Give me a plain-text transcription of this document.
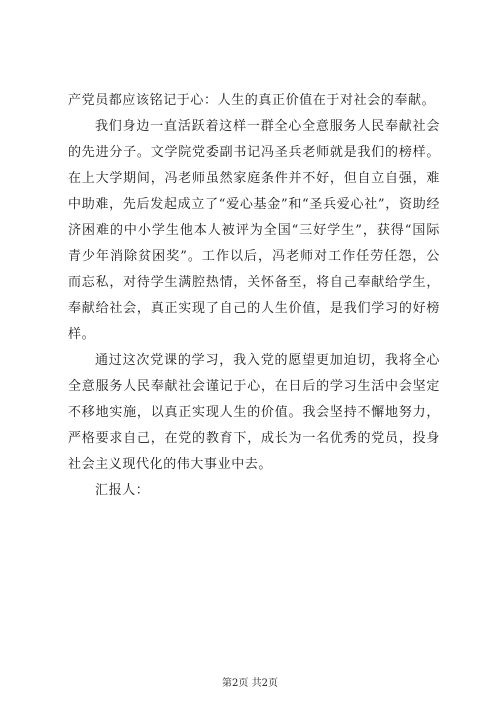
产党员都应该铭记于心：人生的真正价值在于对社会的奉献。

我们身边一直活跃着这样一群全心全意服务人民奉献社会的先进分子。文学院党委副书记冯圣兵老师就是我们的榜样。在上大学期间，冯老师虽然家庭条件并不好，但自立自强，难中助难，先后发起成立了“爱心基金”和“圣兵爱心社”，资助经济困难的中小学生他本人被评为全国“三好学生”，获得“国际青少年消除贫困奖”。工作以后，冯老师对工作任劳任怨，公而忘私，对待学生满腔热情，关怀备至，将自己奉献给学生，奉献给社会，真正实现了自己的人生价值，是我们学习的好榜样。

通过这次党课的学习，我入党的愿望更加迫切，我将全心全意服务人民奉献社会谨记于心，在日后的学习生活中会坚定不移地实施，以真正实现人生的价值。我会坚持不懈地努力，严格要求自己，在党的教育下，成长为一名优秀的党员，投身社会主义现代化的伟大事业中去。

汇报人：

第2页 共2页
